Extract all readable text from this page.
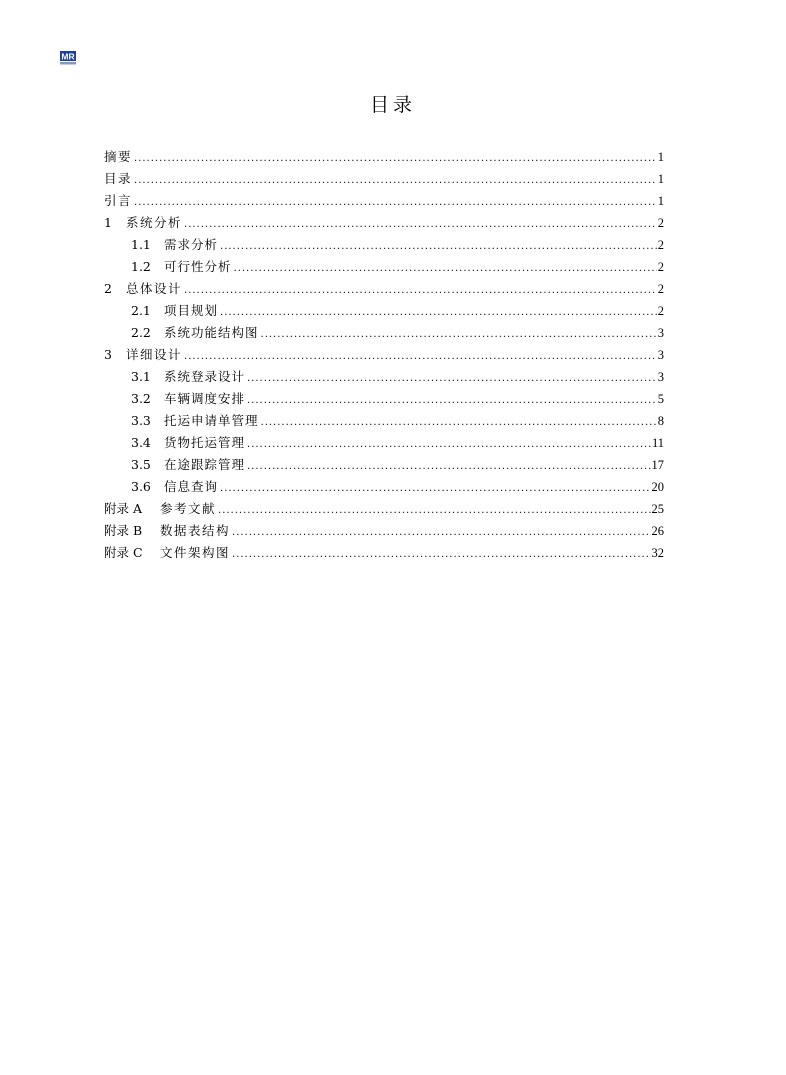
MR
目录
摘要 .....	1
目录 .....	1
引言 .....	1
1	系统分析 .....	2
1.1	需求分析 .....	2
1.2	可行性分析 .....	2
2	总体设计 .....	2
2.1	项目规划 .....	2
2.2	系统功能结构图 .....	3
3	详细设计 .....	3
3.1	系统登录设计 .....	3
3.2	车辆调度安排 .....	5
3.3	托运申请单管理 .....	8
3.4	货物托运管理 .....	11
3.5	在途跟踪管理 .....	17
3.6	信息查询 .....	20
附录 A	参考文献 .....	25
附录 B	数据表结构 .....	26
附录 C	文件架构图 .....	32
